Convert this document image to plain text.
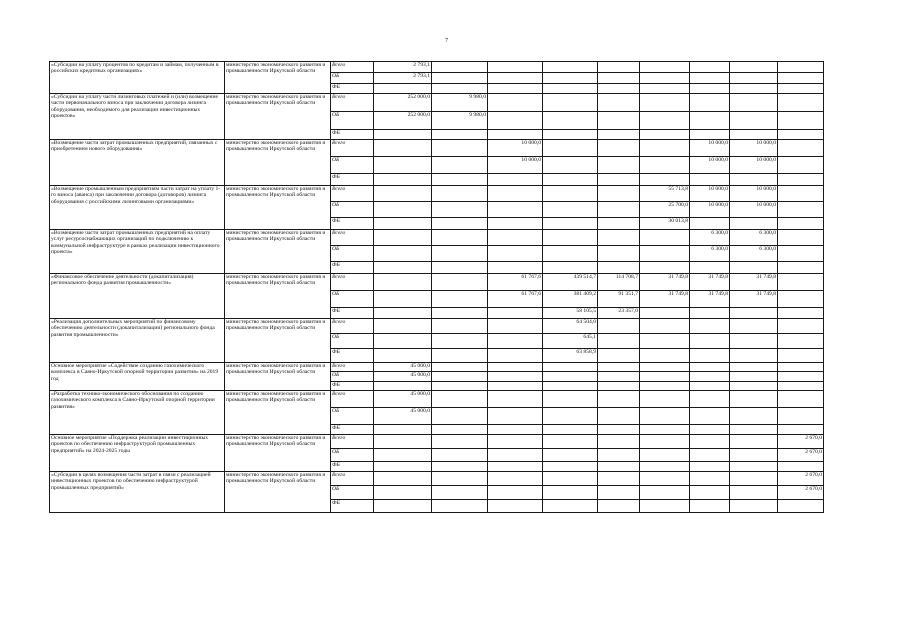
7
«Субсидии на уплату процентов по кредитам и займам, полученным в российских кредитных организациях»	министерство экономического развития и промышленности Иркутской области	Всего	2 793,1										
		ОБ	2 793,1										
		ФБ											
«Субсидии на уплату части лизинговых платежей и (или) возмещение части первоначального взноса при заключении договора лизинга оборудования, необходимого для реализации инвестиционных проектов»	министерство экономического развития и промышленности Иркутской области	Всего	252 000,0	9 980,0									
		ОБ	252 000,0	9 980,0									
		ФБ											
«Возмещение части затрат промышленных предприятий, связанных с приобретением нового оборудования»	министерство экономического развития и промышленности Иркутской области	Всего			10 000,0				10 000,0	10 000,0			
		ОБ			10 000,0				10 000,0	10 000,0			
		ФБ											
«Возмещение промышленным предприятиям части затрат на уплату 1-го взноса (аванса) при заключении договора (договоров) лизинга оборудования с российскими лизинговыми организациями»	министерство экономического развития и промышленности Иркутской области	Всего						55 713,8	10 000,0	10 000,0			
		ОБ						25 700,0	10 000,0	10 000,0			
		ФБ						30 013,8					
«Возмещение части затрат промышленных предприятий на оплату услуг ресурсоснабжающих организаций по подключению к коммунальной инфраструктуре в рамках реализации инвестиционного проекта»	министерство экономического развития и промышленности Иркутской области	Всего							6 300,0	6 300,0			
		ОБ							6 300,0	6 300,0			
		ФБ											
«Финансовое обеспечение деятельности (докапитализация) регионального фонда развития промышленности»	министерство экономического развития и промышленности Иркутской области	Всего			61 767,6	439 514,7	114 708,7	31 749,8	31 749,8	31 749,8			
		ОБ			61 767,6	381 409,2	91 351,7	31 749,8	31 749,8	31 749,8			
		ФБ				58 105,5	23 357,0						
«Реализация дополнительных мероприятий по финансовому обеспечению деятельности (докапитализации) регионального фонда развития промышленности»	министерство экономического развития и промышленности Иркутской области	Всего				64 504,0							
		ОБ				645,1							
		ФБ				63 858,9							
Основное мероприятие «Содействие созданию газохимического комплекса в Саяно-Иркутской опорной территории развития» на 2019 год	министерство экономического развития и промышленности Иркутской области	Всего	45 000,0										
		ОБ	45 000,0										
		ФБ											
«Разработка технико-экономического обоснования по созданию газохимического комплекса в Саяно-Иркутской опорной территории развития»	министерство экономического развития и промышленности Иркутской области	Всего	45 000,0										
		ОБ	45 000,0										
		ФБ											
Основное мероприятие «Поддержка реализации инвестиционных проектов по обеспечению инфраструктурой промышленных предприятий» на 2024-2025 годы	министерство экономического развития и промышленности Иркутской области	Всего									2 670,0		
		ОБ									2 670,0		
		ФБ											
«Субсидии в целях возмещения части затрат в связи с реализацией инвестиционных проектов по обеспечению инфраструктурой промышленных предприятий»	министерство экономического развития и промышленности Иркутской области	Всего									2 670,0		
		ОБ									2 670,0		
		ФБ											
